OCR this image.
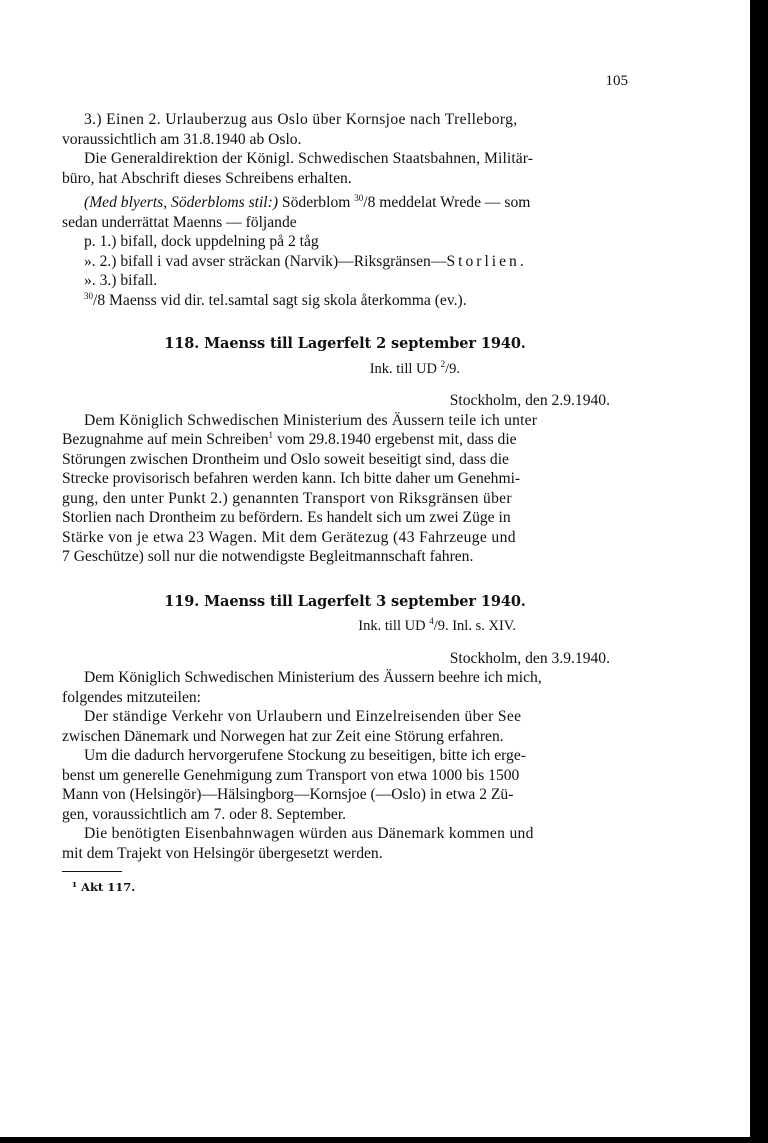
105

3.) Einen 2. Urlauberzug aus Oslo über Kornsjoe nach Trelleborg,

voraussichtlich am 31.8.1940 ab Oslo.

Die Generaldirektion der Königl. Schwedischen Staatsbahnen, Militär-

büro, hat Abschrift dieses Schreibens erhalten.

(Med blyerts, Söderbloms stil:) Söderblom $^{30}$/8 meddelat Wrede — som

sedan underrättat Maenns — följande

p. 1.) bifall, dock uppdelning på 2 tåg

». 2.) bifall i vad avser sträckan (Narvik)—Riksgränsen—Storlien.

». 3.) bifall.

$^{30}$/8 Maenss vid dir. tel.samtal sagt sig skola återkomma (ev.).

118. Maenss till Lagerfelt 2 september 1940.

Ink. till UD $^2$/9.

Stockholm, den 2.9.1940.

Dem Königlich Schwedischen Ministerium des Äussern teile ich unter

Bezugnahme auf mein Schreiben$^1$ vom 29.8.1940 ergebenst mit, dass die

Störungen zwischen Drontheim und Oslo soweit beseitigt sind, dass die

Strecke provisorisch befahren werden kann. Ich bitte daher um Genehmi-

gung, den unter Punkt 2.) genannten Transport von Riksgränsen über

Storlien nach Drontheim zu befördern. Es handelt sich um zwei Züge in

Stärke von je etwa 23 Wagen. Mit dem Gerätezug (43 Fahrzeuge und

7 Geschütze) soll nur die notwendigste Begleitmannschaft fahren.

119. Maenss till Lagerfelt 3 september 1940.

Ink. till UD $^4$/9. Inl. s. XIV.

Stockholm, den 3.9.1940.

Dem Königlich Schwedischen Ministerium des Äussern beehre ich mich,

folgendes mitzuteilen:

Der ständige Verkehr von Urlaubern und Einzelreisenden über See

zwischen Dänemark und Norwegen hat zur Zeit eine Störung erfahren.

Um die dadurch hervorgerufene Stockung zu beseitigen, bitte ich erge-

benst um generelle Genehmigung zum Transport von etwa 1000 bis 1500

Mann von (Helsingör)—Hälsingborg—Kornsjoe (—Oslo) in etwa 2 Zü-

gen, voraussichtlich am 7. oder 8. September.

Die benötigten Eisenbahnwagen würden aus Dänemark kommen und

mit dem Trajekt von Helsingör übergesetzt werden.

¹ Akt 117.
